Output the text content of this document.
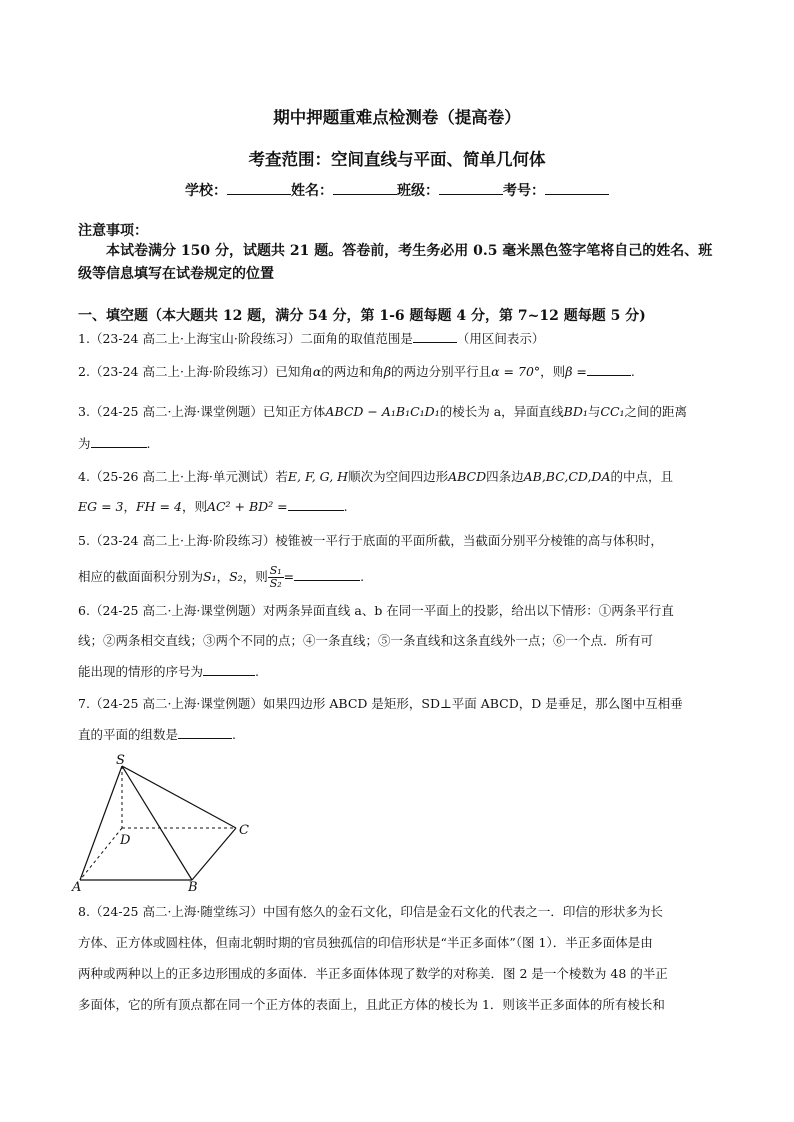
期中押题重难点检测卷（提高卷）
考查范围：空间直线与平面、简单几何体
学校：	姓名：	班级：	考号：
注意事项：
本试卷满分 150 分，试题共 21 题。答卷前，考生务必用 0.5 毫米黑色签字笔将自己的姓名、班级等信息填写在试卷规定的位置
一、填空题（本大题共 12 题，满分 54 分，第 1-6 题每题 4 分，第 7~12 题每题 5 分)
1.（23-24 高二上·上海宝山·阶段练习）二面角的取值范围是	（用区间表示）
2.（23-24 高二上·上海·阶段练习）已知角α的两边和角β的两边分别平行且α = 70°，则β =	.
3.（24-25 高二·上海·课堂例题）已知正方体ABCD − A₁B₁C₁D₁的棱长为 a，异面直线BD₁与CC₁之间的距离
为	.
4.（25-26 高二上·上海·单元测试）若E, F, G, H顺次为空间四边形ABCD四条边AB,BC,CD,DA的中点，且
EG = 3，FH = 4，则AC² + BD² =	.
5.（23-24 高二上·上海·阶段练习）棱锥被一平行于底面的平面所截，当截面分别平分棱锥的高与体积时，
相应的截面面积分别为S₁，S₂，则 $\frac{\text{S₁}}{\text{S₂}}$ =	.
6.（24-25 高二·上海·课堂例题）对两条异面直线 a、b 在同一平面上的投影，给出以下情形：①两条平行直
线；②两条相交直线；③两个不同的点；④一条直线；⑤一条直线和这条直线外一点；⑥一个点．所有可
能出现的情形的序号为	.
7.（24-25 高二·上海·课堂例题）如果四边形 ABCD 是矩形，SD⊥平面 ABCD，D 是垂足，那么图中互相垂
直的平面的组数是	.
S
D
C
A	B
8.（24-25 高二·上海·随堂练习）中国有悠久的金石文化，印信是金石文化的代表之一．印信的形状多为长
方体、正方体或圆柱体，但南北朝时期的官员独孤信的印信形状是“半正多面体”（图 1）．半正多面体是由
两种或两种以上的正多边形围成的多面体．半正多面体体现了数学的对称美．图 2 是一个棱数为 48 的半正
多面体，它的所有顶点都在同一个正方体的表面上，且此正方体的棱长为 1．则该半正多面体的所有棱长和
